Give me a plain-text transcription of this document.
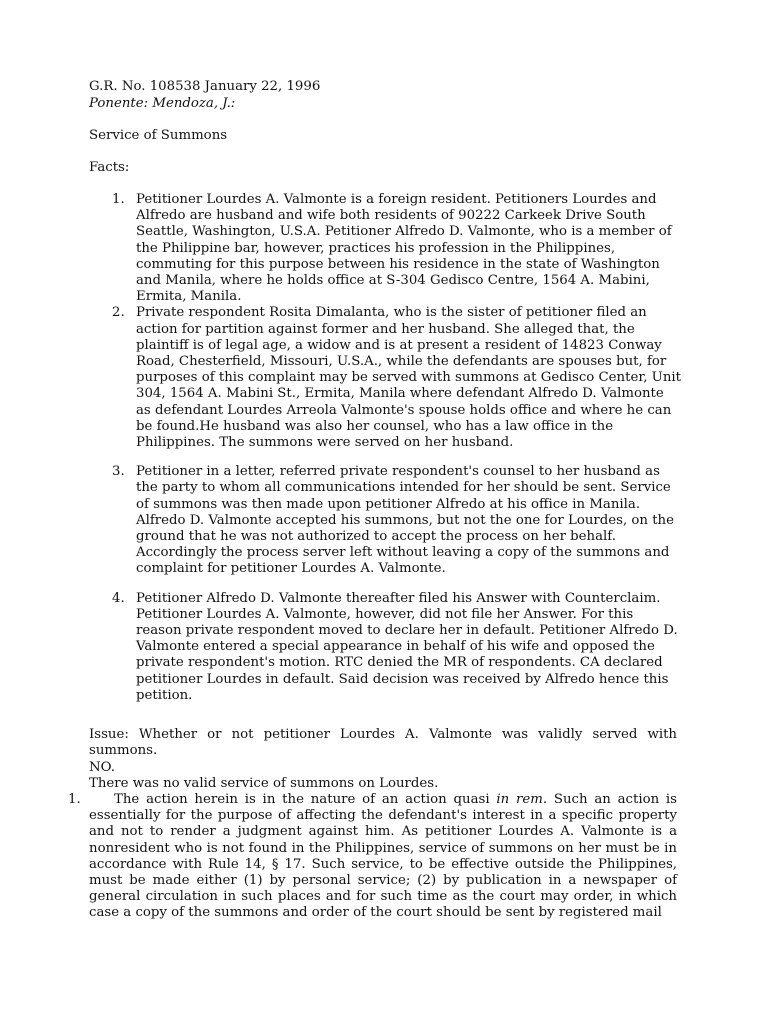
G.R. No. 108538 January 22, 1996
Ponente: Mendoza, J.:
Service of Summons
Facts:
1. Petitioner Lourdes A. Valmonte is a foreign resident. Petitioners Lourdes and Alfredo are husband and wife both residents of 90222 Carkeek Drive South Seattle, Washington, U.S.A. Petitioner Alfredo D. Valmonte, who is a member of the Philippine bar, however, practices his profession in the Philippines, commuting for this purpose between his residence in the state of Washington and Manila, where he holds office at S-304 Gedisco Centre, 1564 A. Mabini, Ermita, Manila.
2. Private respondent Rosita Dimalanta, who is the sister of petitioner filed an action for partition against former and her husband. She alleged that, the plaintiff is of legal age, a widow and is at present a resident of 14823 Conway Road, Chesterfield, Missouri, U.S.A., while the defendants are spouses but, for purposes of this complaint may be served with summons at Gedisco Center, Unit 304, 1564 A. Mabini St., Ermita, Manila where defendant Alfredo D. Valmonte as defendant Lourdes Arreola Valmonte's spouse holds office and where he can be found.He husband was also her counsel, who has a law office in the Philippines. The summons were served on her husband.
3. Petitioner in a letter, referred private respondent's counsel to her husband as the party to whom all communications intended for her should be sent. Service of summons was then made upon petitioner Alfredo at his office in Manila. Alfredo D. Valmonte accepted his summons, but not the one for Lourdes, on the ground that he was not authorized to accept the process on her behalf. Accordingly the process server left without leaving a copy of the summons and complaint for petitioner Lourdes A. Valmonte.
4. Petitioner Alfredo D. Valmonte thereafter filed his Answer with Counterclaim. Petitioner Lourdes A. Valmonte, however, did not file her Answer. For this reason private respondent moved to declare her in default. Petitioner Alfredo D. Valmonte entered a special appearance in behalf of his wife and opposed the private respondent's motion. RTC denied the MR of respondents. CA declared petitioner Lourdes in default. Said decision was received by Alfredo hence this petition.
Issue: Whether or not petitioner Lourdes A. Valmonte was validly served with summons.
NO.
There was no valid service of summons on Lourdes.
1.	The action herein is in the nature of an action quasi in rem. Such an action is essentially for the purpose of affecting the defendant's interest in a specific property and not to render a judgment against him. As petitioner Lourdes A. Valmonte is a nonresident who is not found in the Philippines, service of summons on her must be in accordance with Rule 14, § 17. Such service, to be effective outside the Philippines, must be made either (1) by personal service; (2) by publication in a newspaper of general circulation in such places and for such time as the court may order, in which case a copy of the summons and order of the court should be sent by registered mail
